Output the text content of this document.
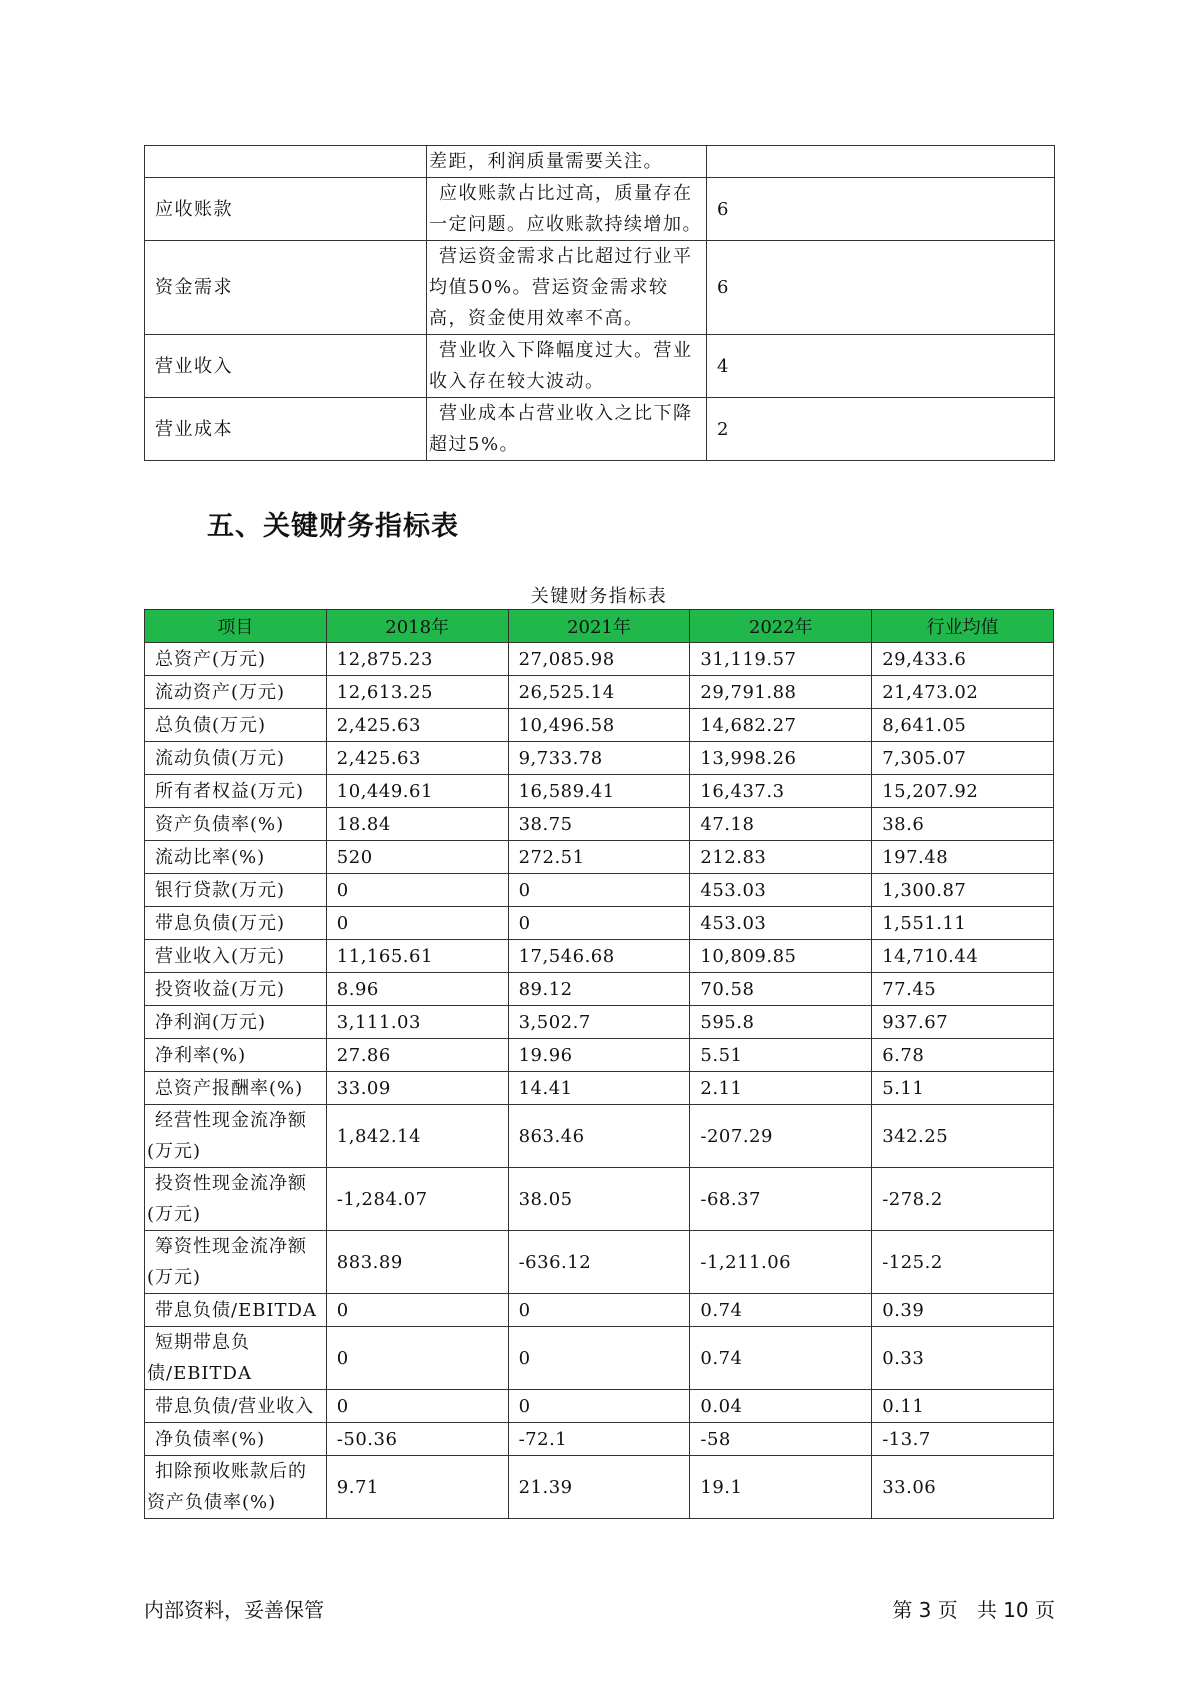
	差距，利润质量需要关注。	
应收账款	应收账款占比过高，质量存在一定问题。应收账款持续增加。	6
资金需求	营运资金需求占比超过行业平均值50%。营运资金需求较高，资金使用效率不高。	6
营业收入	营业收入下降幅度过大。营业收入存在较大波动。	4
营业成本	营业成本占营业收入之比下降超过5%。	2
五、关键财务指标表
关键财务指标表
项目	2018年	2021年	2022年	行业均值
总资产(万元)	12,875.23	27,085.98	31,119.57	29,433.6
流动资产(万元)	12,613.25	26,525.14	29,791.88	21,473.02
总负债(万元)	2,425.63	10,496.58	14,682.27	8,641.05
流动负债(万元)	2,425.63	9,733.78	13,998.26	7,305.07
所有者权益(万元)	10,449.61	16,589.41	16,437.3	15,207.92
资产负债率(%)	18.84	38.75	47.18	38.6
流动比率(%)	520	272.51	212.83	197.48
银行贷款(万元)	0	0	453.03	1,300.87
带息负债(万元)	0	0	453.03	1,551.11
营业收入(万元)	11,165.61	17,546.68	10,809.85	14,710.44
投资收益(万元)	8.96	89.12	70.58	77.45
净利润(万元)	3,111.03	3,502.7	595.8	937.67
净利率(%)	27.86	19.96	5.51	6.78
总资产报酬率(%)	33.09	14.41	2.11	5.11
经营性现金流净额(万元)	1,842.14	863.46	-207.29	342.25
投资性现金流净额(万元)	-1,284.07	38.05	-68.37	-278.2
筹资性现金流净额(万元)	883.89	-636.12	-1,211.06	-125.2
带息负债/EBITDA	0	0	0.74	0.39
短期带息负债/EBITDA	0	0	0.74	0.33
带息负债/营业收入	0	0	0.04	0.11
净负债率(%)	-50.36	-72.1	-58	-13.7
扣除预收账款后的资产负债率(%)	9.71	21.39	19.1	33.06
内部资料，妥善保管	第 3 页   共 10 页
